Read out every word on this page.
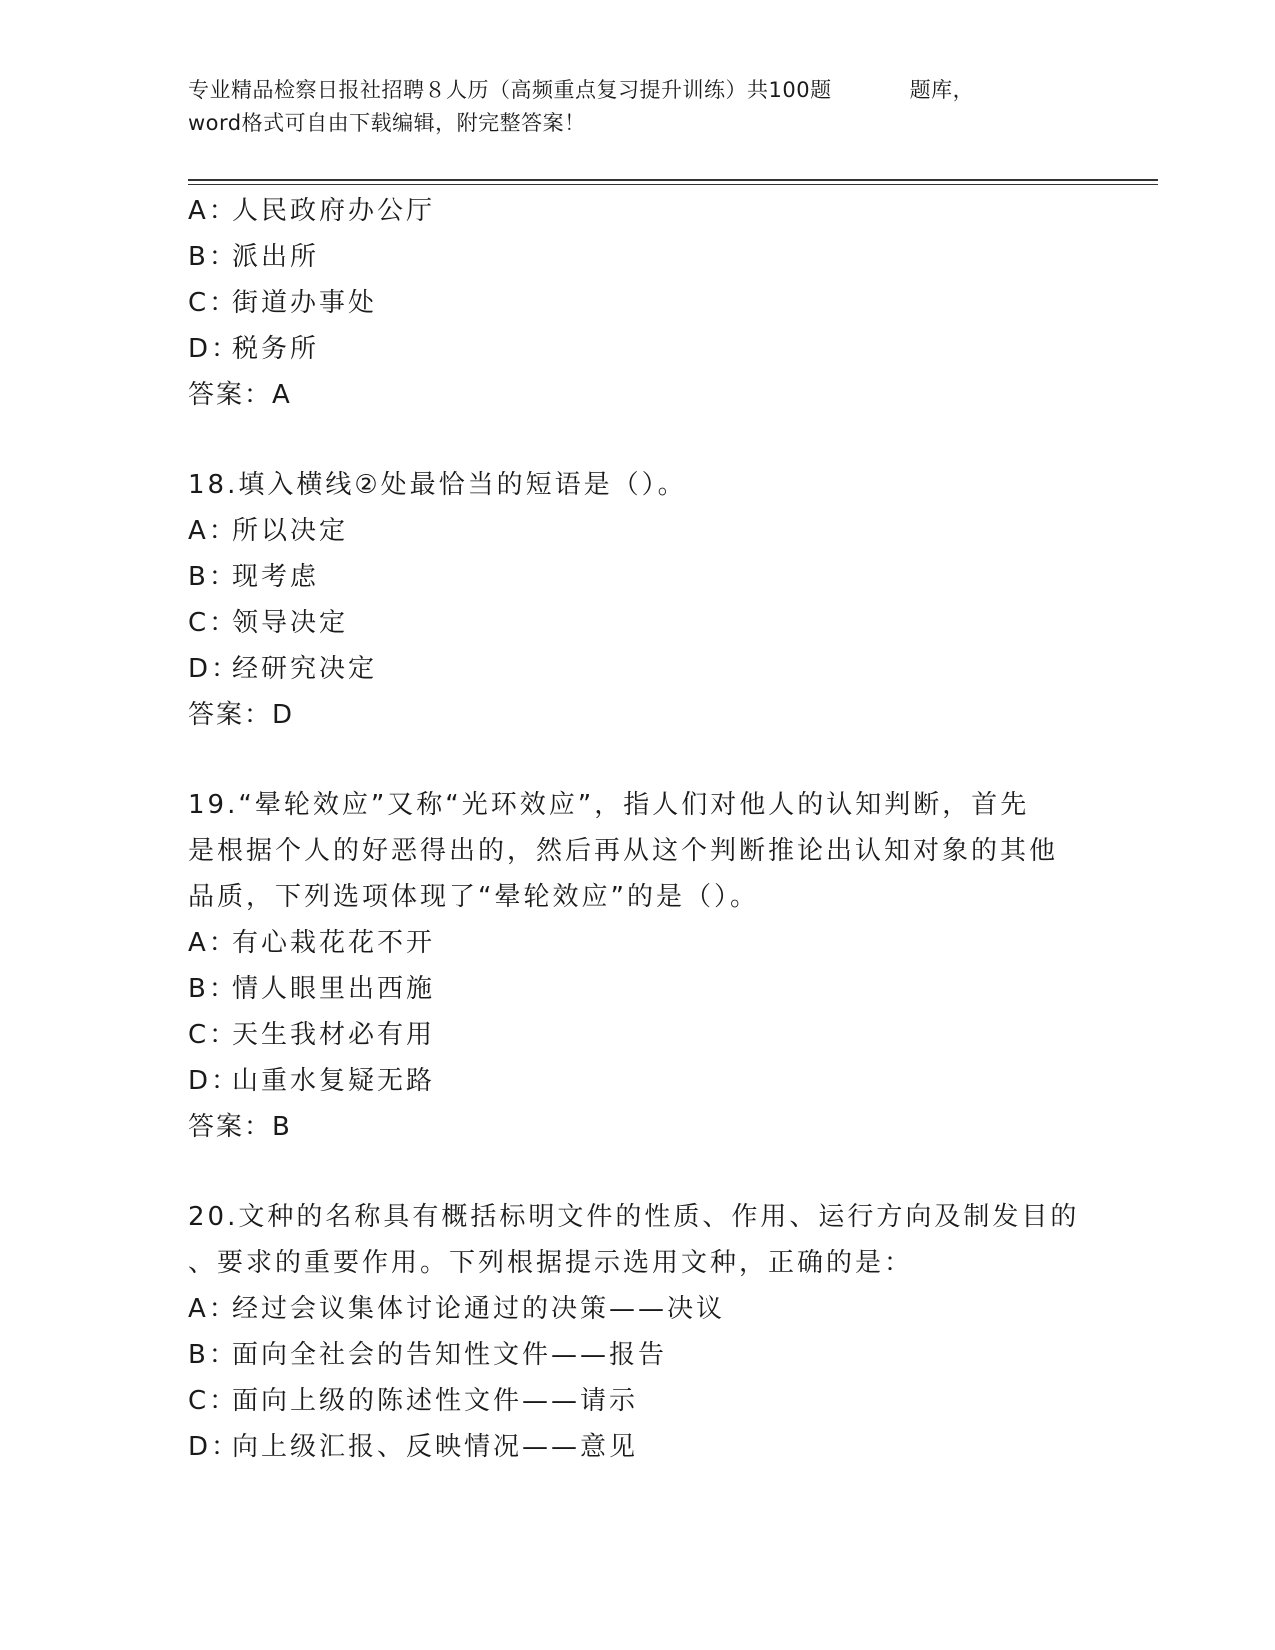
专业精品检察日报社招聘８人历（高频重点复习提升训练）共100题	题库，
word格式可自由下载编辑，附完整答案！
A：人民政府办公厅
B：派出所
C：街道办事处
D：税务所
答案：A
18.填入横线②处最恰当的短语是（）。
A：所以决定
B：现考虑
C：领导决定
D：经研究决定
答案：D
19.“晕轮效应”又称“光环效应”，指人们对他人的认知判断，首先
是根据个人的好恶得出的，然后再从这个判断推论出认知对象的其他
品质，下列选项体现了“晕轮效应”的是（）。
A：有心栽花花不开
B：情人眼里出西施
C：天生我材必有用
D：山重水复疑无路
答案：B
20.文种的名称具有概括标明文件的性质、作用、运行方向及制发目的
、要求的重要作用。下列根据提示选用文种，正确的是：
A：经过会议集体讨论通过的决策——决议
B：面向全社会的告知性文件——报告
C：面向上级的陈述性文件——请示
D：向上级汇报、反映情况——意见
